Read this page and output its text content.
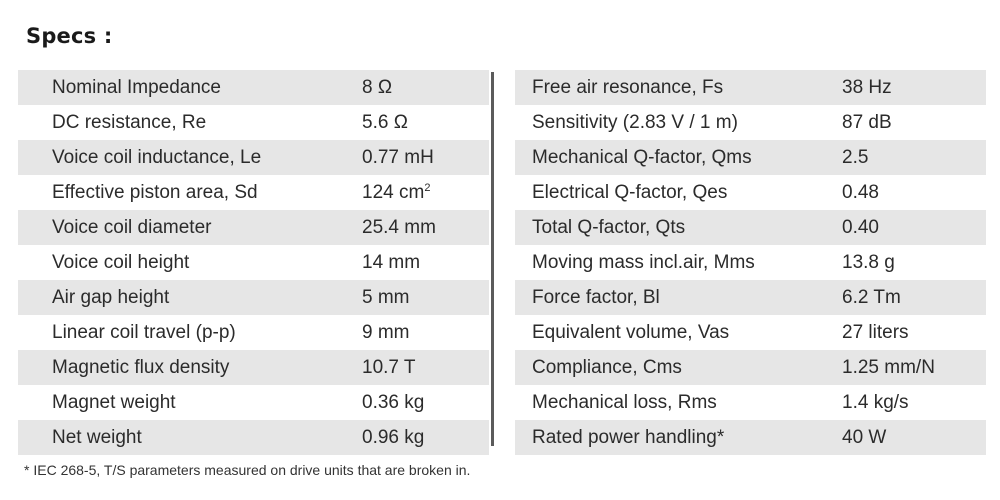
Specs :
Nominal Impedance	8 Ω
DC resistance, Re	5.6 Ω
Voice coil inductance, Le	0.77 mH
Effective piston area, Sd	124 $cm^2$
Voice coil diameter	25.4 mm
Voice coil height	14 mm
Air gap height	5 mm
Linear coil travel (p-p)	9 mm
Magnetic flux density	10.7 T
Magnet weight	0.36 kg
Net weight	0.96 kg
Free air resonance, Fs	38 Hz
Sensitivity (2.83 V / 1 m)	87 dB
Mechanical Q-factor, Qms	2.5
Electrical Q-factor, Qes	0.48
Total Q-factor, Qts	0.40
Moving mass incl.air, Mms	13.8 g
Force factor, Bl	6.2 Tm
Equivalent volume, Vas	27 liters
Compliance, Cms	1.25 mm/N
Mechanical loss, Rms	1.4 kg/s
Rated power handling*	40 W
* IEC 268-5, T/S parameters measured on drive units that are broken in.
